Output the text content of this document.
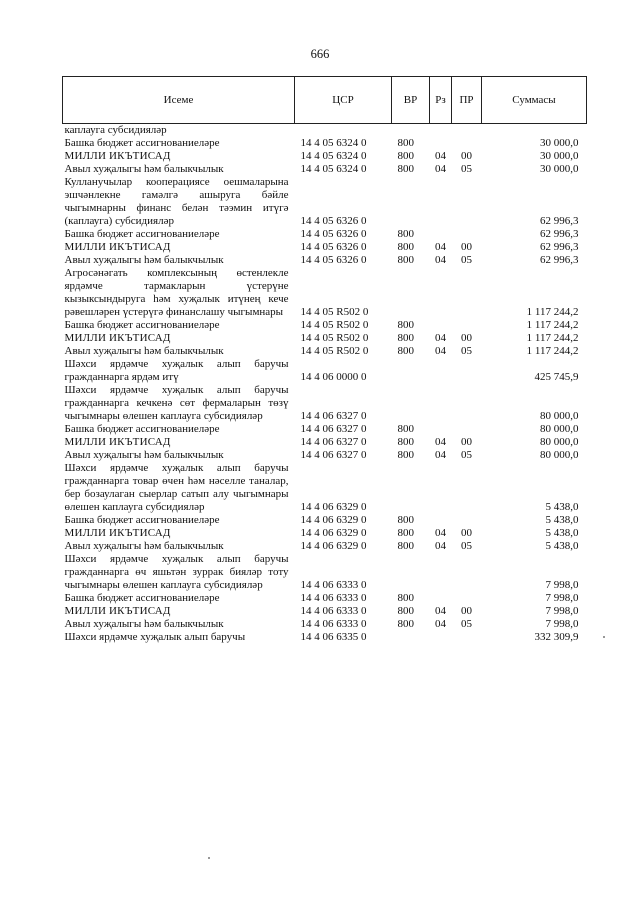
666
Исеме	ЦСР	ВР	Рз	ПР	Суммасы
каплауга субсидияләр					
Башка бюджет ассигнованиеләре	14 4 05 6324 0	800			30 000,0
МИЛЛИ ИКЪТИСАД	14 4 05 6324 0	800	04	00	30 000,0
Авыл хуҗалыгы һәм балыкчылык	14 4 05 6324 0	800	04	05	30 000,0
Кулланучылар кооперациясе оешмаларына эшчәнлекне гамәлгә ашыруга бәйле чыгымнарны финанс белән тәэмин итүгә (каплауга) субсидияләр	14 4 05 6326 0				62 996,3
Башка бюджет ассигнованиеләре	14 4 05 6326 0	800			62 996,3
МИЛЛИ ИКЪТИСАД	14 4 05 6326 0	800	04	00	62 996,3
Авыл хуҗалыгы һәм балыкчылык	14 4 05 6326 0	800	04	05	62 996,3
Агросәнәгать комплексының өстенлекле ярдәмче тармакларын үстерүне кызыксындыруга һәм хуҗалык итүнең кече рәвешләрен үстерүгә финанслашу чыгымнары	14 4 05 R502 0				1 117 244,2
Башка бюджет ассигнованиеләре	14 4 05 R502 0	800			1 117 244,2
МИЛЛИ ИКЪТИСАД	14 4 05 R502 0	800	04	00	1 117 244,2
Авыл хуҗалыгы һәм балыкчылык	14 4 05 R502 0	800	04	05	1 117 244,2
Шәхси ярдәмче хуҗалык алып баручы гражданнарга ярдәм итү	14 4 06 0000 0				425 745,9
Шәхси ярдәмче хуҗалык алып баручы гражданнарга кечкенә сөт фермаларын төзү чыгымнары өлешен каплауга субсидияләр	14 4 06 6327 0				80 000,0
Башка бюджет ассигнованиеләре	14 4 06 6327 0	800			80 000,0
МИЛЛИ ИКЪТИСАД	14 4 06 6327 0	800	04	00	80 000,0
Авыл хуҗалыгы һәм балыкчылык	14 4 06 6327 0	800	04	05	80 000,0
Шәхси ярдәмче хуҗалык алып баручы гражданнарга товар өчен һәм нәселле таналар, бер бозаулаган сыерлар сатып алу чыгымнары өлешен каплауга субсидияләр	14 4 06 6329 0				5 438,0
Башка бюджет ассигнованиеләре	14 4 06 6329 0	800			5 438,0
МИЛЛИ ИКЪТИСАД	14 4 06 6329 0	800	04	00	5 438,0
Авыл хуҗалыгы һәм балыкчылык	14 4 06 6329 0	800	04	05	5 438,0
Шәхси ярдәмче хуҗалык алып баручы гражданнарга өч яшьтән зуррак бияләр тоту чыгымнары өлешен каплауга субсидияләр	14 4 06 6333 0				7 998,0
Башка бюджет ассигнованиеләре	14 4 06 6333 0	800			7 998,0
МИЛЛИ ИКЪТИСАД	14 4 06 6333 0	800	04	00	7 998,0
Авыл хуҗалыгы һәм балыкчылык	14 4 06 6333 0	800	04	05	7 998,0
Шәхси ярдәмче хуҗалык алып баручы	14 4 06 6335 0				332 309,9
